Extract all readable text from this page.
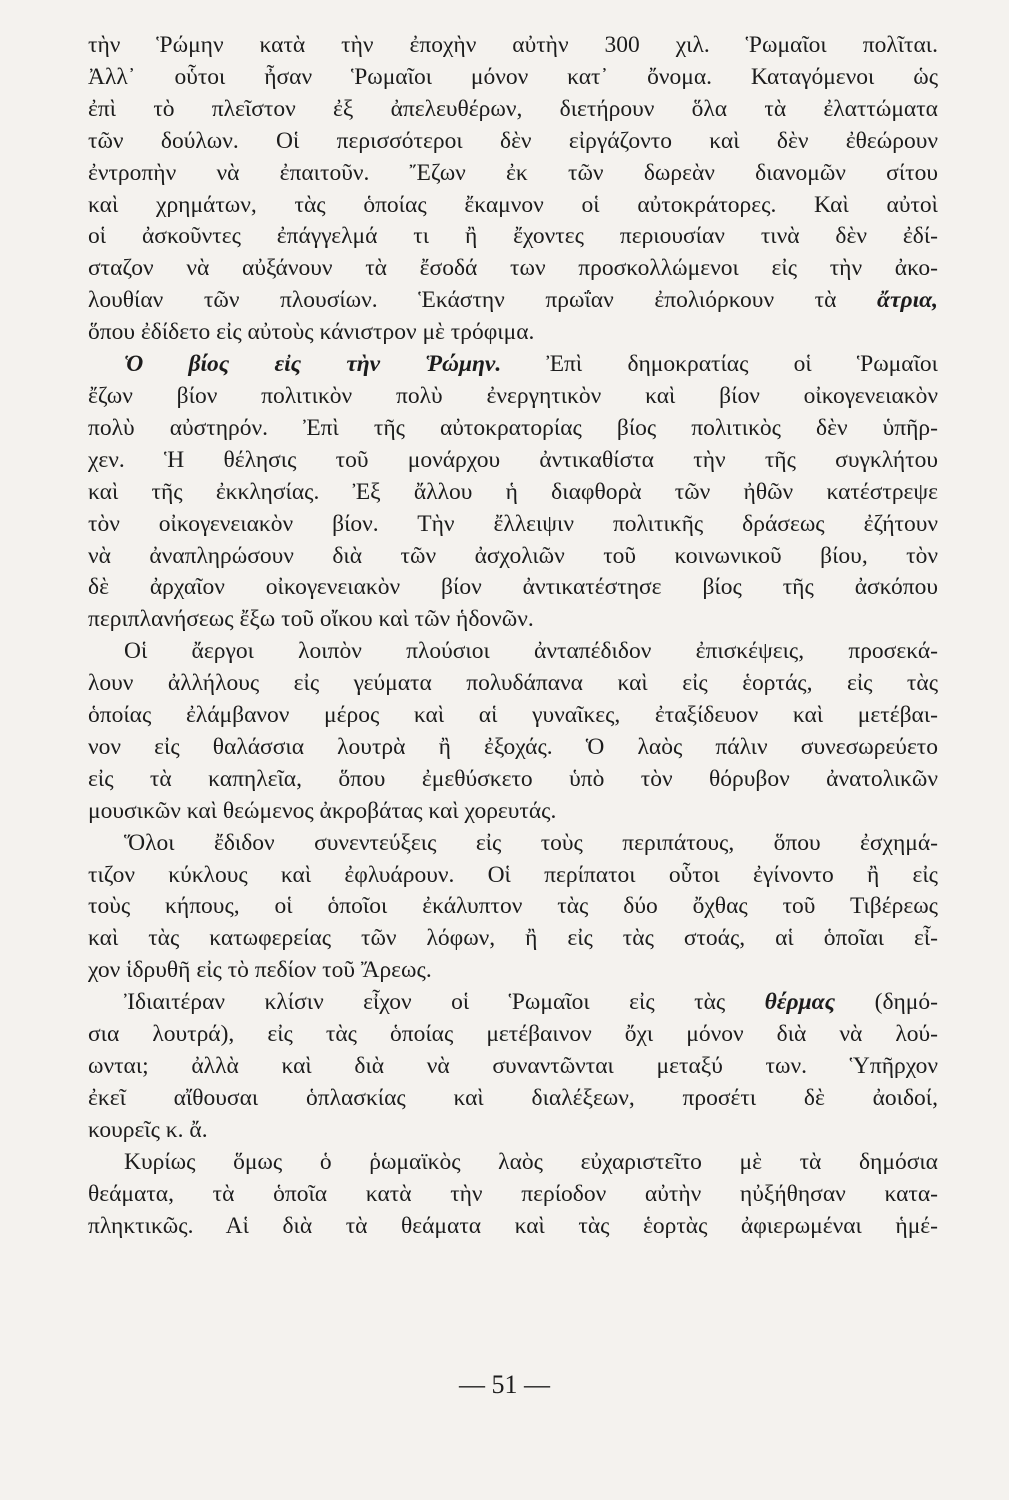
τὴν Ῥώμην κατὰ τὴν ἐποχὴν αὐτὴν 300 χιλ. Ῥωμαῖοι πολῖται.
Ἀλλ᾽ οὗτοι ἦσαν Ῥωμαῖοι μόνον κατ᾽ ὄνομα. Καταγόμενοι ὡς
ἐπὶ τὸ πλεῖστον ἐξ ἀπελευθέρων, διετήρουν ὅλα τὰ ἐλαττώματα
τῶν δούλων. Οἱ περισσότεροι δὲν εἰργάζοντο καὶ δὲν ἐθεώρουν
ἐντροπὴν νὰ ἐπαιτοῦν. Ἔζων ἐκ τῶν δωρεὰν διανομῶν σίτου
καὶ χρημάτων, τὰς ὁποίας ἔκαμνον οἱ αὐτοκράτορες. Καὶ αὐτοὶ
οἱ ἀσκοῦντες ἐπάγγελμά τι ἢ ἔχοντες περιουσίαν τινὰ δὲν ἐδί-
σταζον νὰ αὐξάνουν τὰ ἔσοδά των προσκολλώμενοι εἰς τὴν ἀκο-
λουθίαν τῶν πλουσίων. Ἑκάστην πρωΐαν ἐπολιόρκουν τὰ ἄτρια,
ὅπου ἐδίδετο εἰς αὐτοὺς κάνιστρον μὲ τρόφιμα.
Ὁ βίος εἰς τὴν Ῥώμην. Ἐπὶ δημοκρατίας οἱ Ῥωμαῖοι
ἔζων βίον πολιτικὸν πολὺ ἐνεργητικὸν καὶ βίον οἰκογενειακὸν
πολὺ αὐστηρόν. Ἐπὶ τῆς αὐτοκρατορίας βίος πολιτικὸς δὲν ὑπῆρ-
χεν. Ἡ θέλησις τοῦ μονάρχου ἀντικαθίστα τὴν τῆς συγκλήτου
καὶ τῆς ἐκκλησίας. Ἐξ ἄλλου ἡ διαφθορὰ τῶν ἠθῶν κατέστρεψε
τὸν οἰκογενειακὸν βίον. Τὴν ἔλλειψιν πολιτικῆς δράσεως ἐζήτουν
νὰ ἀναπληρώσουν διὰ τῶν ἀσχολιῶν τοῦ κοινωνικοῦ βίου, τὸν
δὲ ἀρχαῖον οἰκογενειακὸν βίον ἀντικατέστησε βίος τῆς ἀσκόπου
περιπλανήσεως ἔξω τοῦ οἴκου καὶ τῶν ἡδονῶν.
Οἱ ἄεργοι λοιπὸν πλούσιοι ἀνταπέδιδον ἐπισκέψεις, προσεκά-
λουν ἀλλήλους εἰς γεύματα πολυδάπανα καὶ εἰς ἑορτάς, εἰς τὰς
ὁποίας ἐλάμβανον μέρος καὶ αἱ γυναῖκες, ἐταξίδευον καὶ μετέβαι-
νον εἰς θαλάσσια λουτρὰ ἢ ἐξοχάς. Ὁ λαὸς πάλιν συνεσωρεύετο
εἰς τὰ καπηλεῖα, ὅπου ἐμεθύσκετο ὑπὸ τὸν θόρυβον ἀνατολικῶν
μουσικῶν καὶ θεώμενος ἀκροβάτας καὶ χορευτάς.
Ὅλοι ἔδιδον συνεντεύξεις εἰς τοὺς περιπάτους, ὅπου ἐσχημά-
τιζον κύκλους καὶ ἐφλυάρουν. Οἱ περίπατοι οὗτοι ἐγίνοντο ἢ εἰς
τοὺς κήπους, οἱ ὁποῖοι ἐκάλυπτον τὰς δύο ὄχθας τοῦ Τιβέρεως
καὶ τὰς κατωφερείας τῶν λόφων, ἢ εἰς τὰς στοάς, αἱ ὁποῖαι εἶ-
χον ἱδρυθῆ εἰς τὸ πεδίον τοῦ Ἄρεως.
Ἰδιαιτέραν κλίσιν εἶχον οἱ Ῥωμαῖοι εἰς τὰς θέρμας (δημό-
σια λουτρά), εἰς τὰς ὁποίας μετέβαινον ὄχι μόνον διὰ νὰ λού-
ωνται; ἀλλὰ καὶ διὰ νὰ συναντῶνται μεταξύ των. Ὑπῆρχον
ἐκεῖ αἴθουσαι ὁπλασκίας καὶ διαλέξεων, προσέτι δὲ ἀοιδοί,
κουρεῖς κ. ἄ.
Κυρίως ὅμως ὁ ῥωμαϊκὸς λαὸς εὐχαριστεῖτο μὲ τὰ δημόσια
θεάματα, τὰ ὁποῖα κατὰ τὴν περίοδον αὐτὴν ηὐξήθησαν κατα-
πληκτικῶς. Αἱ διὰ τὰ θεάματα καὶ τὰς ἑορτὰς ἀφιερωμέναι ἡμέ-
— 51 —
